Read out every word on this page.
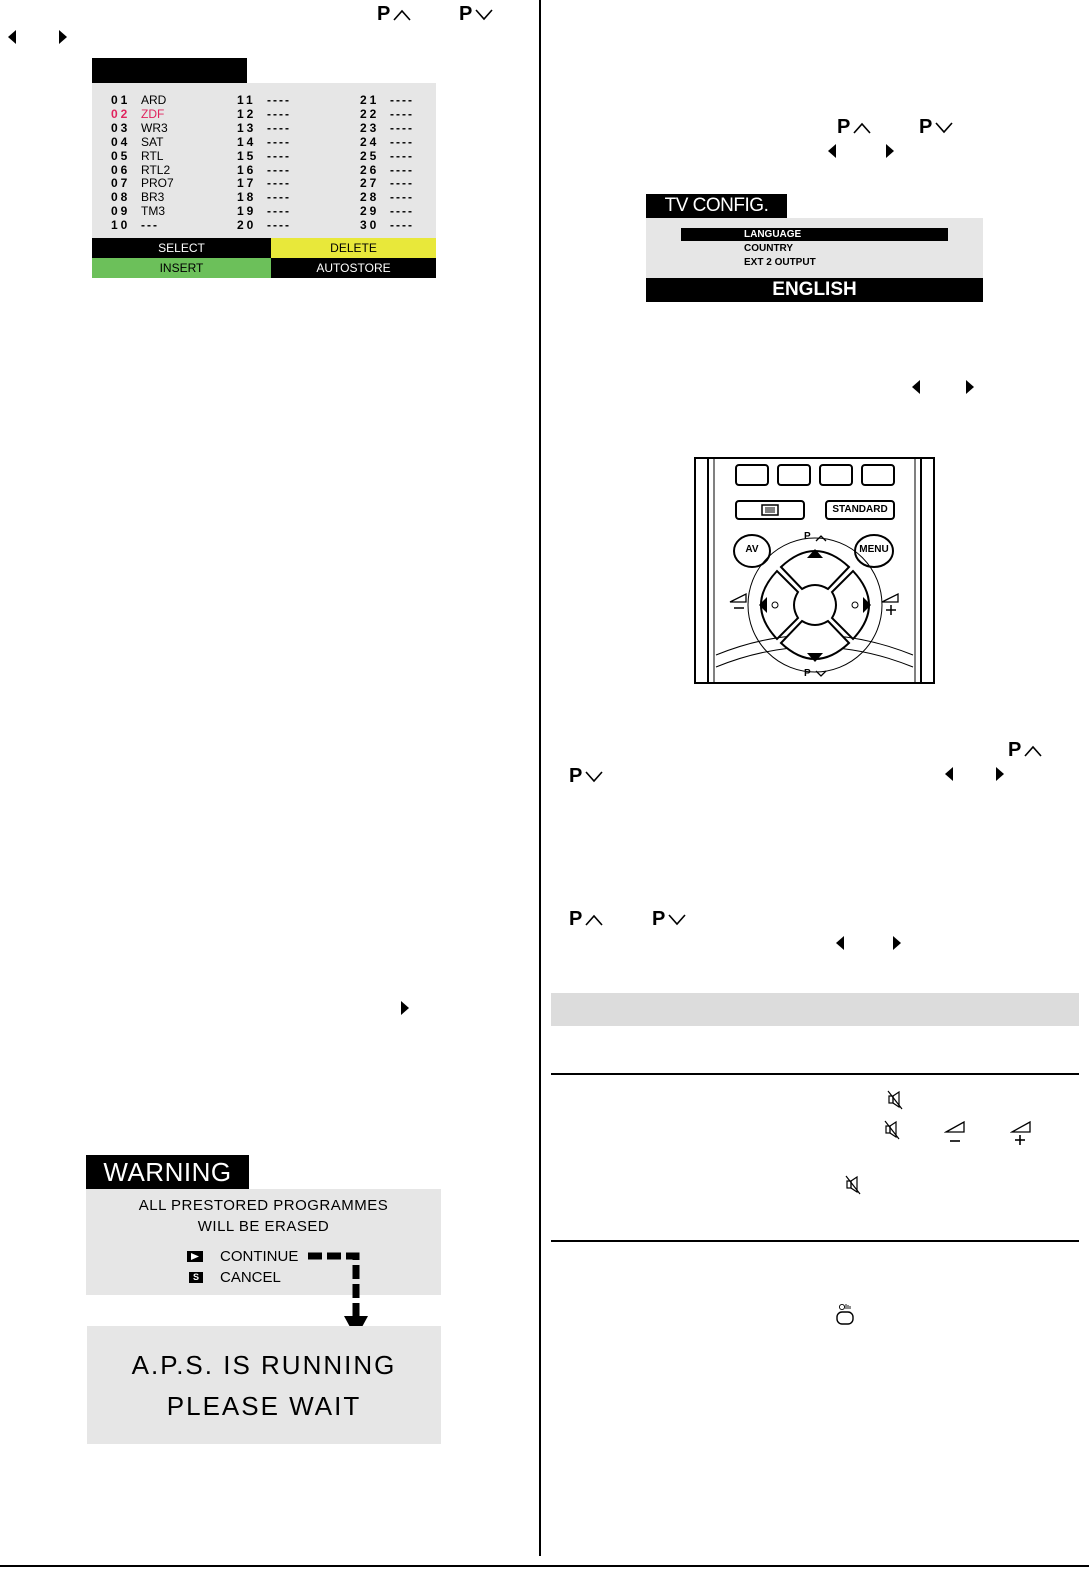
P	P
01 ARD	11 ----	21 ----
02 ZDF	12 ----	22 ----
03 WR3	13 ----	23 ----
04 SAT	14 ----	24 ----
05 RTL	15 ----	25 ----
06 RTL2	16 ----	26 ----
07 PRO7	17 ----	27 ----
08 BR3	18 ----	28 ----
09 TM3	19 ----	29 ----
10 ---	20 ----	30 ----
SELECT	DELETE
INSERT	AUTOSTORE
WARNING
ALL PRESTORED PROGRAMMES
WILL BE ERASED
CONTINUE
S CANCEL
A.P.S. IS RUNNING
PLEASE WAIT
P	P
TV CONFIG.
LANGUAGE
COUNTRY
EXT 2 OUTPUT
ENGLISH
STANDARD
AV	MENU
P
P
P
P
P	P
